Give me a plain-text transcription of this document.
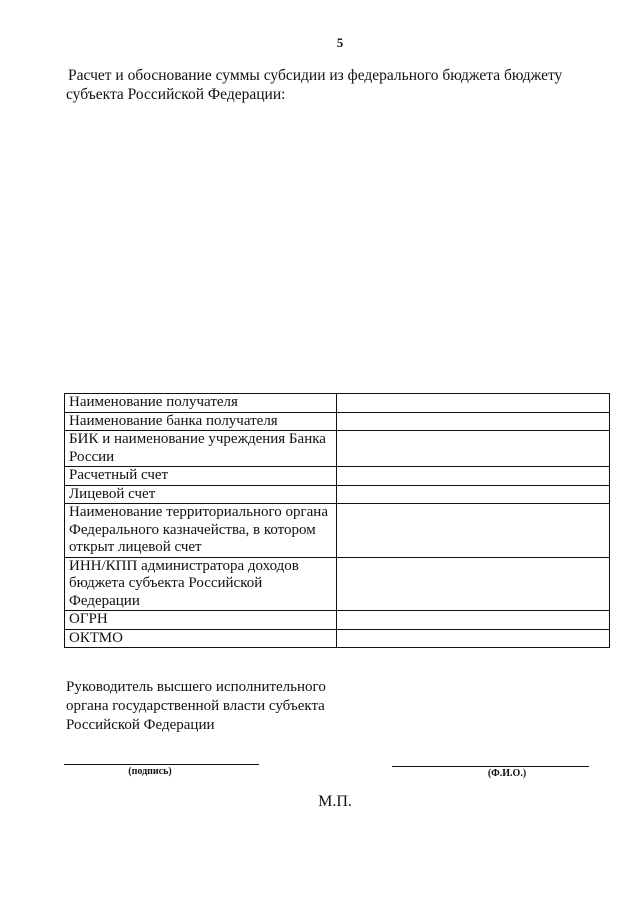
5

Расчет и обоснование суммы субсидии из федерального бюджета бюджету субъекта Российской Федерации:

Наименование получателя	
Наименование банка получателя	
БИК и наименование учреждения Банка России	
Расчетный счет	
Лицевой счет	
Наименование территориального органа Федерального казначейства, в котором открыт лицевой счет	
ИНН/КПП администратора доходов бюджета субъекта Российской Федерации	
ОГРН	
ОКТМО	

Руководитель высшего исполнительного органа государственной власти субъекта Российской Федерации

(подпись)	(Ф.И.О.)
М.П.
